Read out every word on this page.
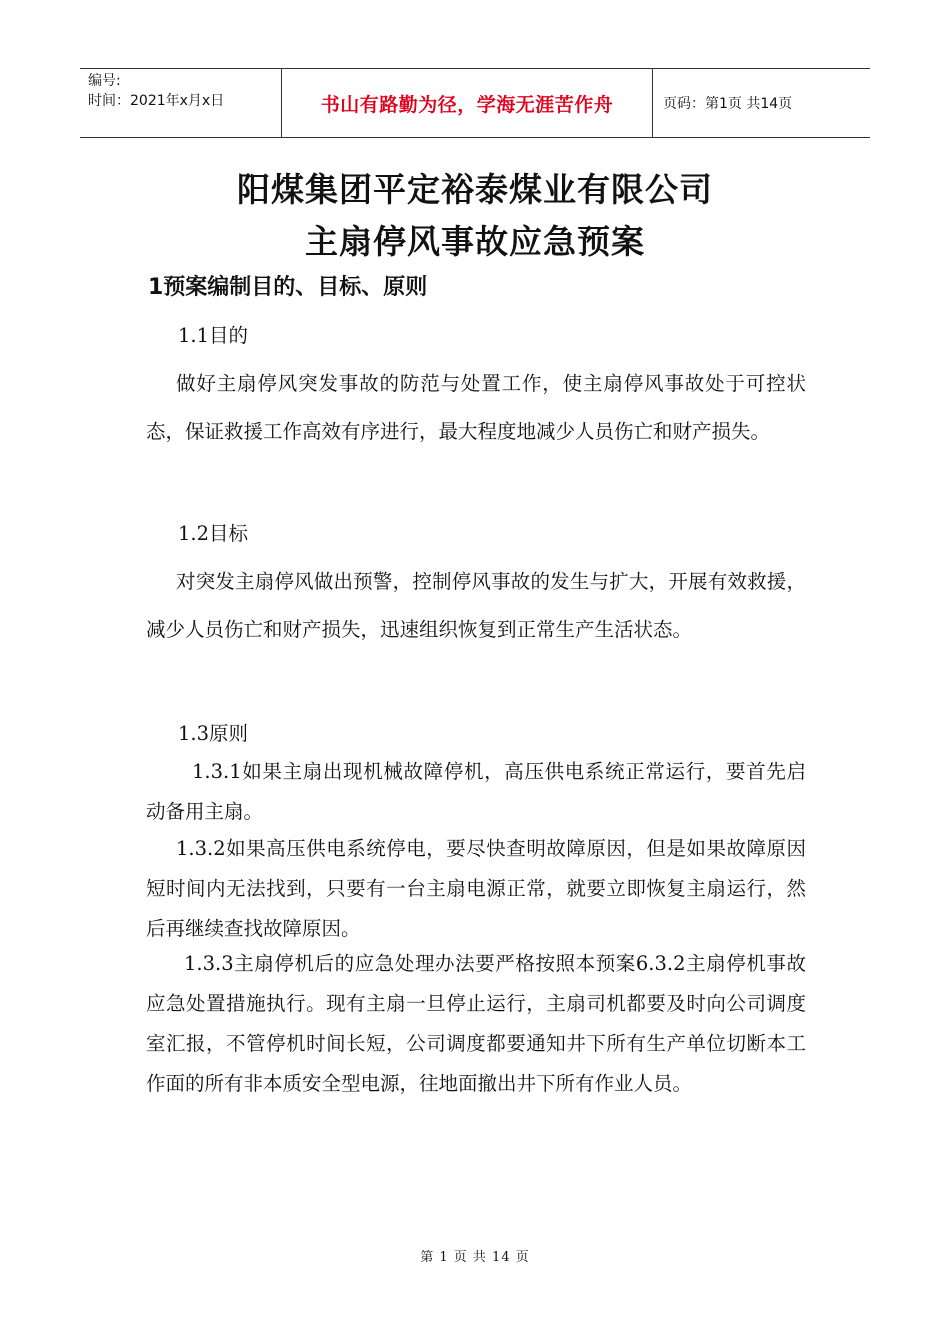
编号:
时间：2021年x月x日	书山有路勤为径，学海无涯苦作舟	页码：第1页 共14页
阳煤集团平定裕泰煤业有限公司
主扇停风事故应急预案
1预案编制目的、目标、原则
1.1目的
做好主扇停风突发事故的防范与处置工作，使主扇停风事故处于可控状态，保证救援工作高效有序进行，最大程度地减少人员伤亡和财产损失。
1.2目标
对突发主扇停风做出预警，控制停风事故的发生与扩大，开展有效救援，减少人员伤亡和财产损失，迅速组织恢复到正常生产生活状态。
1.3原则
1.3.1如果主扇出现机械故障停机，高压供电系统正常运行，要首先启动备用主扇。
1.3.2如果高压供电系统停电，要尽快查明故障原因，但是如果故障原因短时间内无法找到，只要有一台主扇电源正常，就要立即恢复主扇运行，然后再继续查找故障原因。
1.3.3主扇停机后的应急处理办法要严格按照本预案6.3.2主扇停机事故应急处置措施执行。现有主扇一旦停止运行，主扇司机都要及时向公司调度室汇报，不管停机时间长短，公司调度都要通知井下所有生产单位切断本工作面的所有非本质安全型电源，往地面撤出井下所有作业人员。
第 1 页 共 14 页
